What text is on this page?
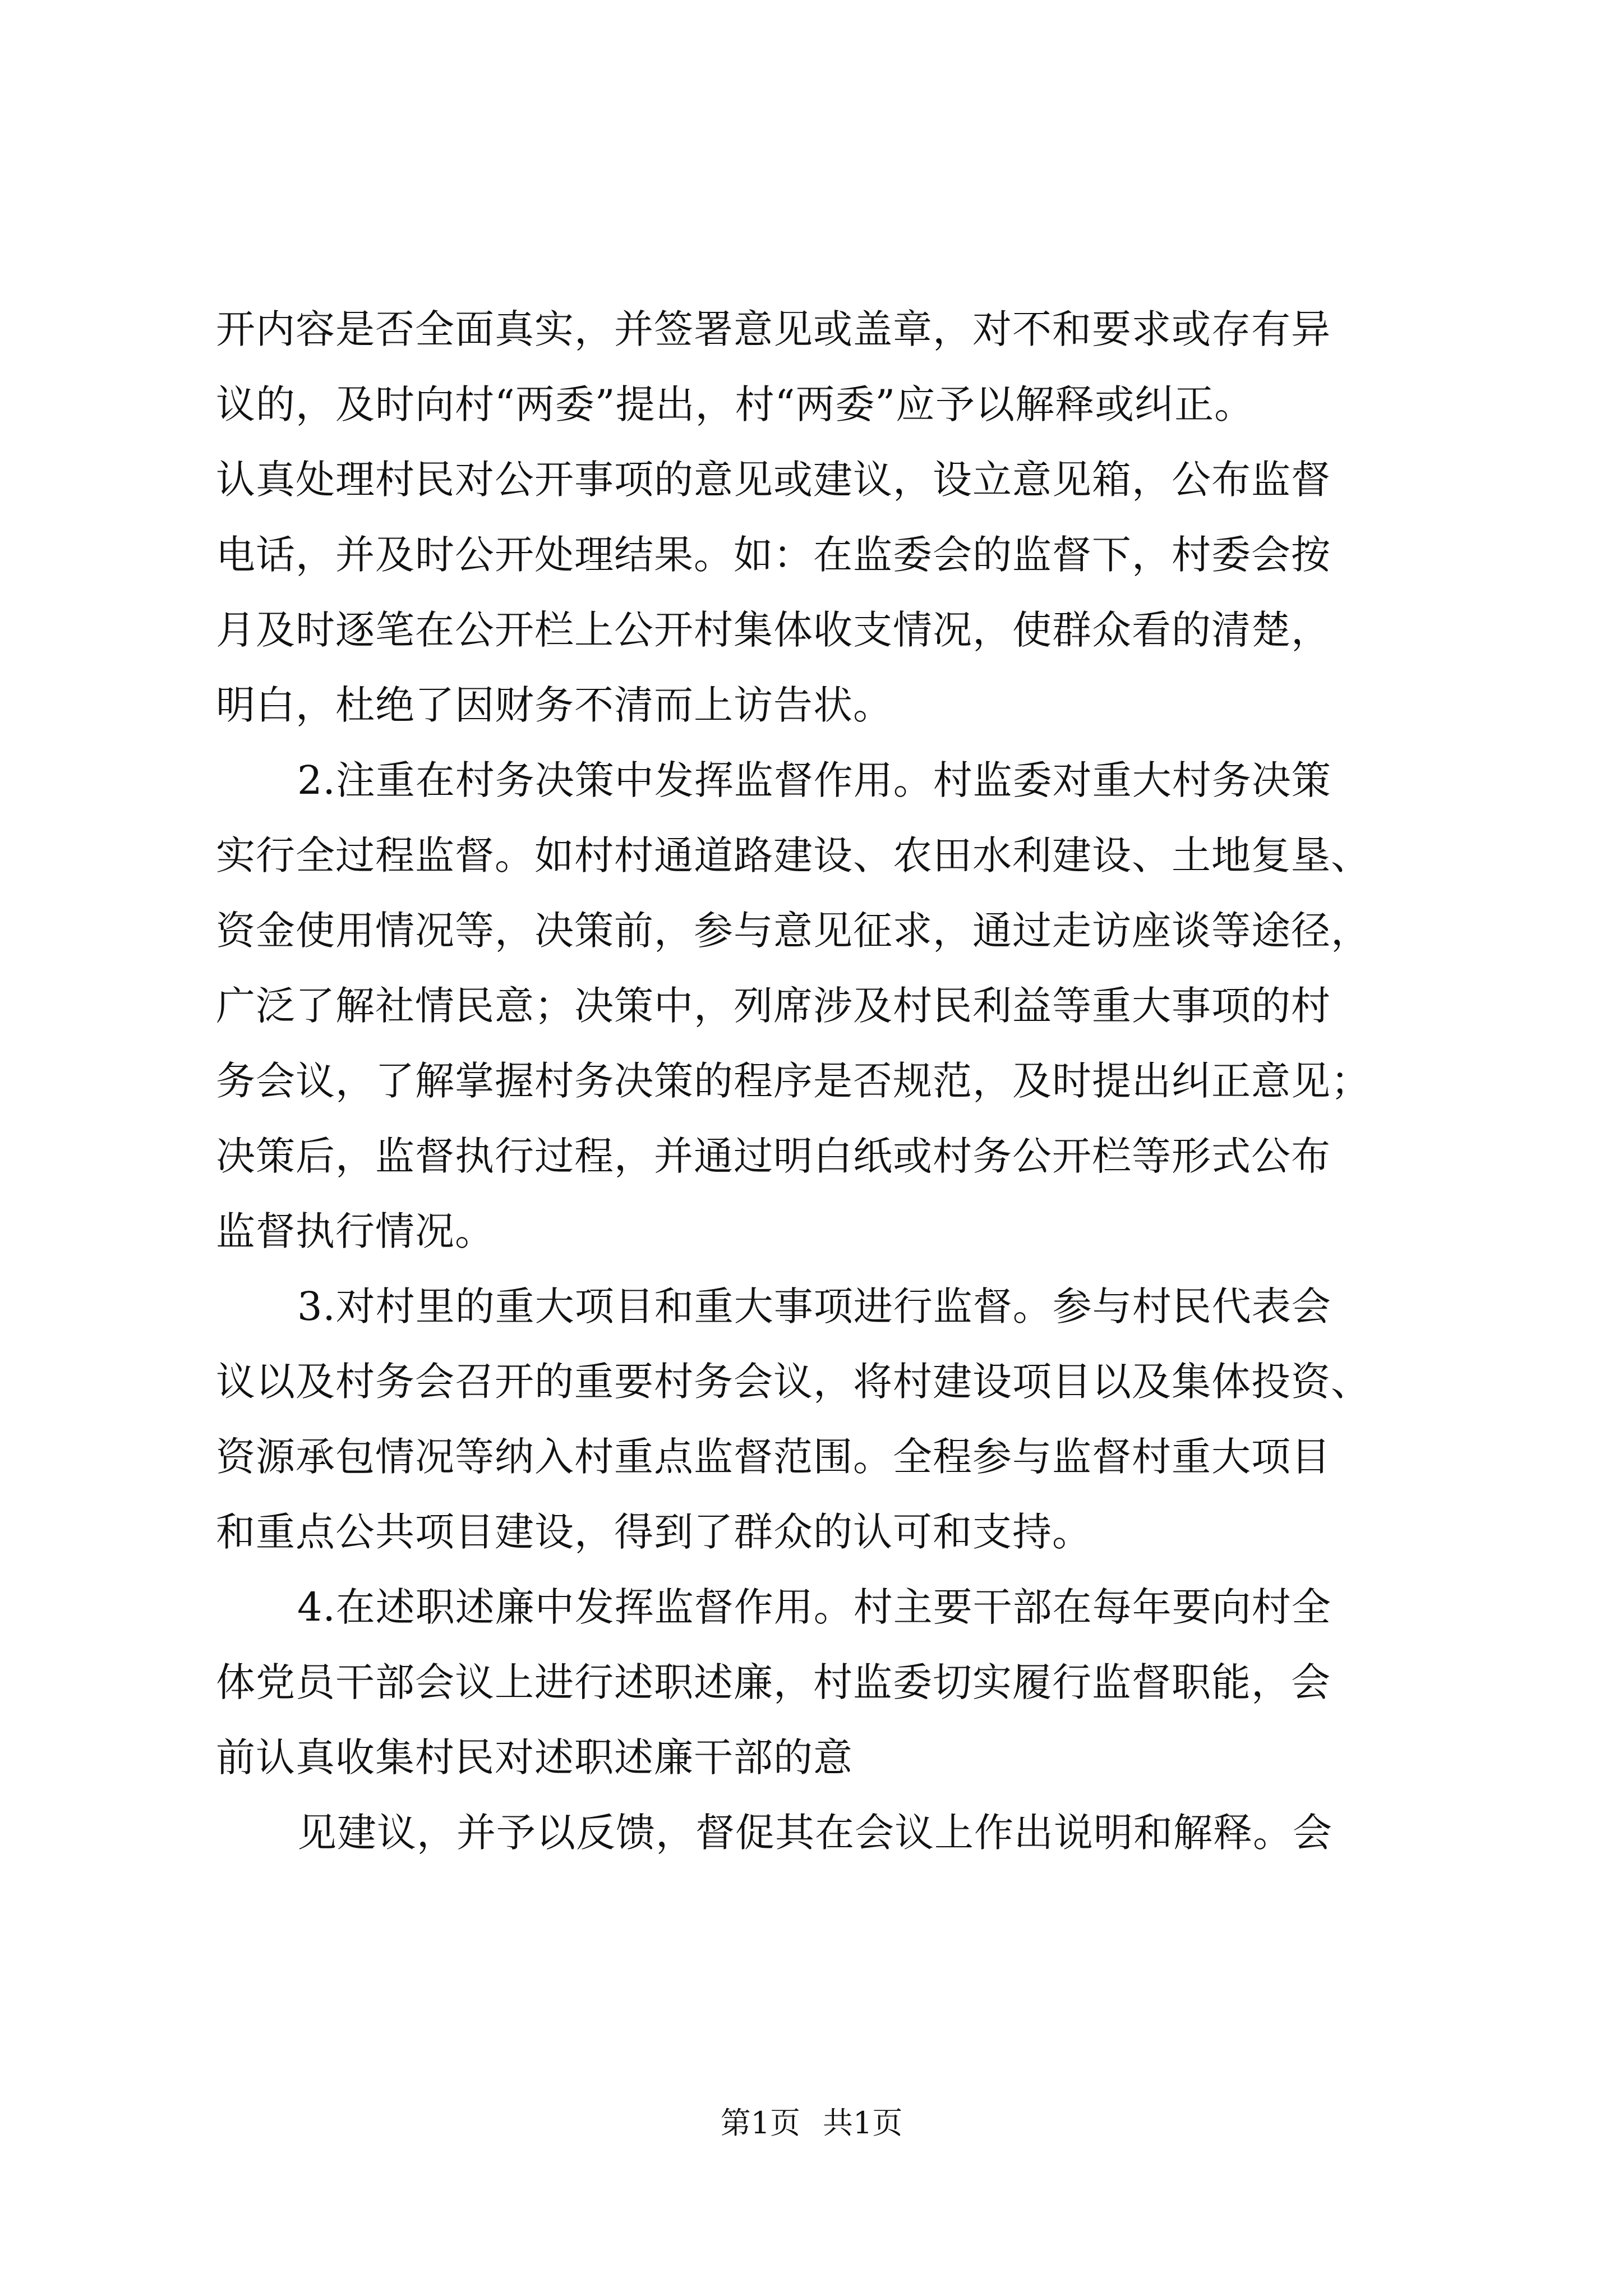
开内容是否全面真实，并签署意见或盖章，对不和要求或存有异
议的，及时向村“两委”提出，村“两委”应予以解释或纠正。
认真处理村民对公开事项的意见或建议，设立意见箱，公布监督
电话，并及时公开处理结果。如：在监委会的监督下，村委会按
月及时逐笔在公开栏上公开村集体收支情况，使群众看的清楚，
明白，杜绝了因财务不清而上访告状。
2.注重在村务决策中发挥监督作用。村监委对重大村务决策
实行全过程监督。如村村通道路建设、农田水利建设、土地复垦、
资金使用情况等，决策前，参与意见征求，通过走访座谈等途径，
广泛了解社情民意；决策中，列席涉及村民利益等重大事项的村
务会议，了解掌握村务决策的程序是否规范，及时提出纠正意见；
决策后，监督执行过程，并通过明白纸或村务公开栏等形式公布
监督执行情况。
3.对村里的重大项目和重大事项进行监督。参与村民代表会
议以及村务会召开的重要村务会议，将村建设项目以及集体投资、
资源承包情况等纳入村重点监督范围。全程参与监督村重大项目
和重点公共项目建设，得到了群众的认可和支持。
4.在述职述廉中发挥监督作用。村主要干部在每年要向村全
体党员干部会议上进行述职述廉，村监委切实履行监督职能，会
前认真收集村民对述职述廉干部的意
见建议，并予以反馈，督促其在会议上作出说明和解释。会
第1页 共1页
